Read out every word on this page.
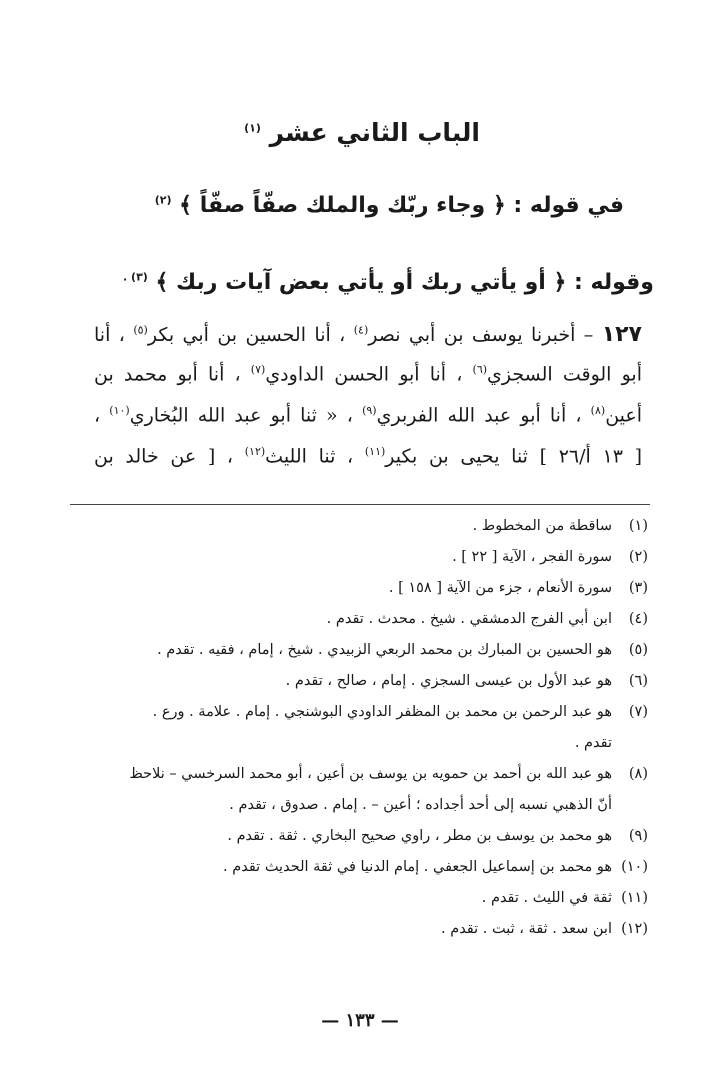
الباب الثاني عشر $^{(١)}$
في قوله : ﴿ وجاء ربّك والملك صفّاً صفّاً ﴾ $^{(٢)}$
وقوله : ﴿ أو يأتي ربك أو يأتي بعض آيات ربك ﴾ $^{(٣) .}$
١٢٧ – أخبرنا يوسف بن أبي نصر$^{(٤)}$ ، أنا الحسين بن أبي بكر$^{(٥)}$ ، أنا
أبو الوقت السجزي$^{(٦)}$ ، أنا أبو الحسن الداودي$^{(٧)}$ ، أنا أبو محمد بن
أعين$^{(٨)}$ ، أنا أبو عبد الله الفربري$^{(٩)}$ ، « ثنا أبو عبد الله البُخاري$^{(١٠)}$ ،
[ ١٣ أ/٢٦ ] ثنا يحيى بن بكير$^{(١١)}$ ، ثنا الليث$^{(١٢)}$ ، [ عن خالد بن
(١)ساقطة من المخطوط .
(٢)سورة الفجر ، الآية [ ٢٢ ] .
(٣)سورة الأنعام ، جزء من الآية [ ١٥٨ ] .
(٤)ابن أبي الفرج الدمشقي . شيخ . محدث . تقدم .
(٥)هو الحسين بن المبارك بن محمد الربعي الزبيدي . شيخ ، إمام ، فقيه . تقدم .
(٦)هو عبد الأول بن عيسى السجزي . إمام ، صالح ، تقدم .
(٧)هو عبد الرحمن بن محمد بن المظفر الداودي البوشنجي . إمام . علامة . ورع .
تقدم .
(٨)هو عبد الله بن أحمد بن حمويه بن يوسف بن أعين ، أبو محمد السرخسي – نلاحظ
أنّ الذهبي نسبه إلى أحد أجداده ؛ أعين – . إمام . صدوق ، تقدم .
(٩)هو محمد بن يوسف بن مطر ، راوي صحيح البخاري . ثقة . تقدم .
(١٠)هو محمد بن إسماعيل الجعفي . إمام الدنيا في ثقة الحديث تقدم .
(١١)ثقة في الليث . تقدم .
(١٢)ابن سعد . ثقة ، ثبت . تقدم .
— ١٣٣ —
